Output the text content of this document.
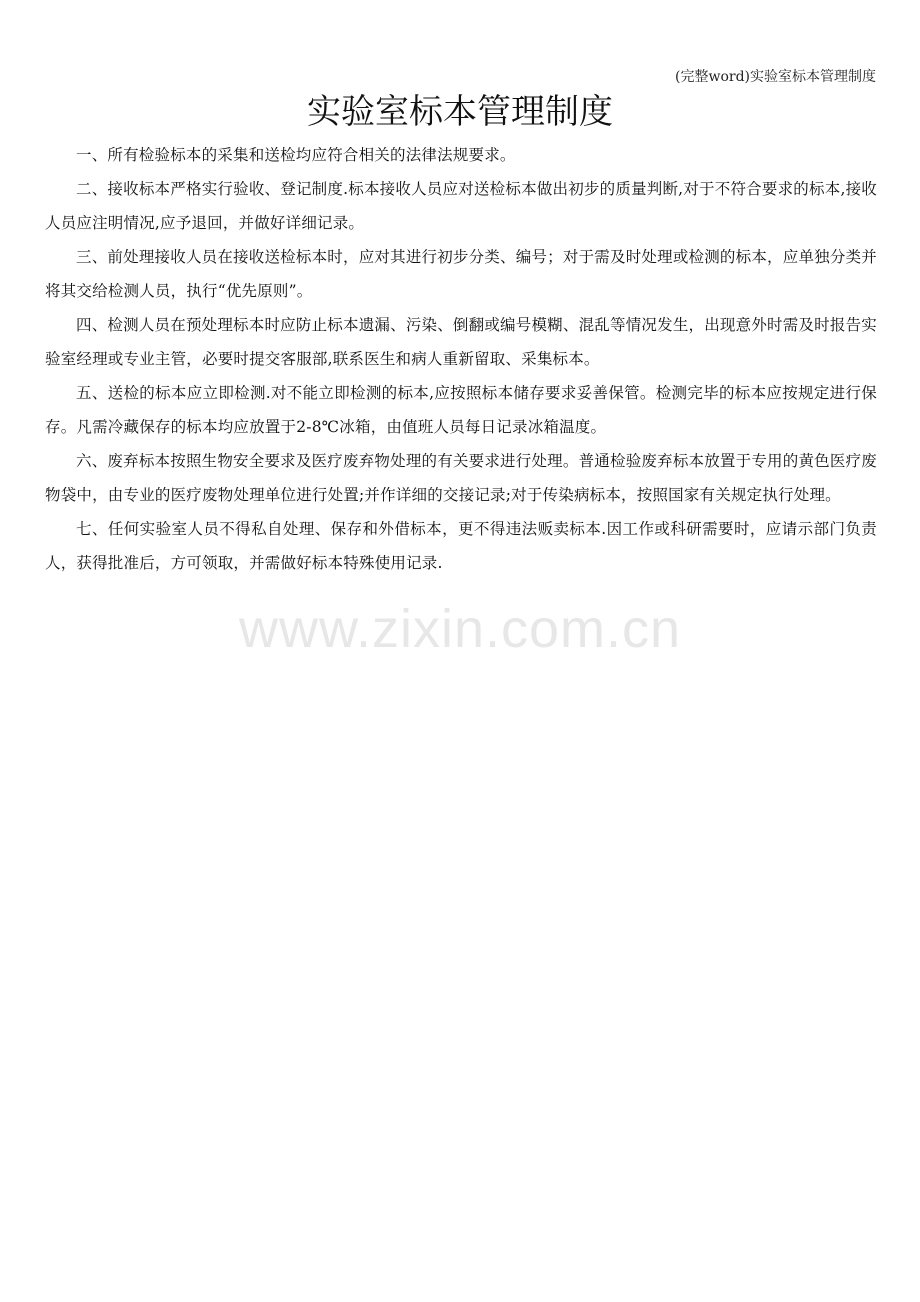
(完整word)实验室标本管理制度
实验室标本管理制度

一、所有检验标本的采集和送检均应符合相关的法律法规要求。

二、接收标本严格实行验收、登记制度.标本接收人员应对送检标本做出初步的质量判断,对于不符合要求的标本,接收人员应注明情况,应予退回，并做好详细记录。

三、前处理接收人员在接收送检标本时，应对其进行初步分类、编号；对于需及时处理或检测的标本，应单独分类并将其交给检测人员，执行“优先原则”。

四、检测人员在预处理标本时应防止标本遗漏、污染、倒翻或编号模糊、混乱等情况发生，出现意外时需及时报告实验室经理或专业主管，必要时提交客服部,联系医生和病人重新留取、采集标本。

五、送检的标本应立即检测.对不能立即检测的标本,应按照标本储存要求妥善保管。检测完毕的标本应按规定进行保存。凡需冷藏保存的标本均应放置于2-8℃冰箱，由值班人员每日记录冰箱温度。

六、废弃标本按照生物安全要求及医疗废弃物处理的有关要求进行处理。普通检验废弃标本放置于专用的黄色医疗废物袋中，由专业的医疗废物处理单位进行处置;并作详细的交接记录;对于传染病标本，按照国家有关规定执行处理。

七、任何实验室人员不得私自处理、保存和外借标本，更不得违法贩卖标本.因工作或科研需要时，应请示部门负责人，获得批准后，方可领取，并需做好标本特殊使用记录.

www.zixin.com.cn
